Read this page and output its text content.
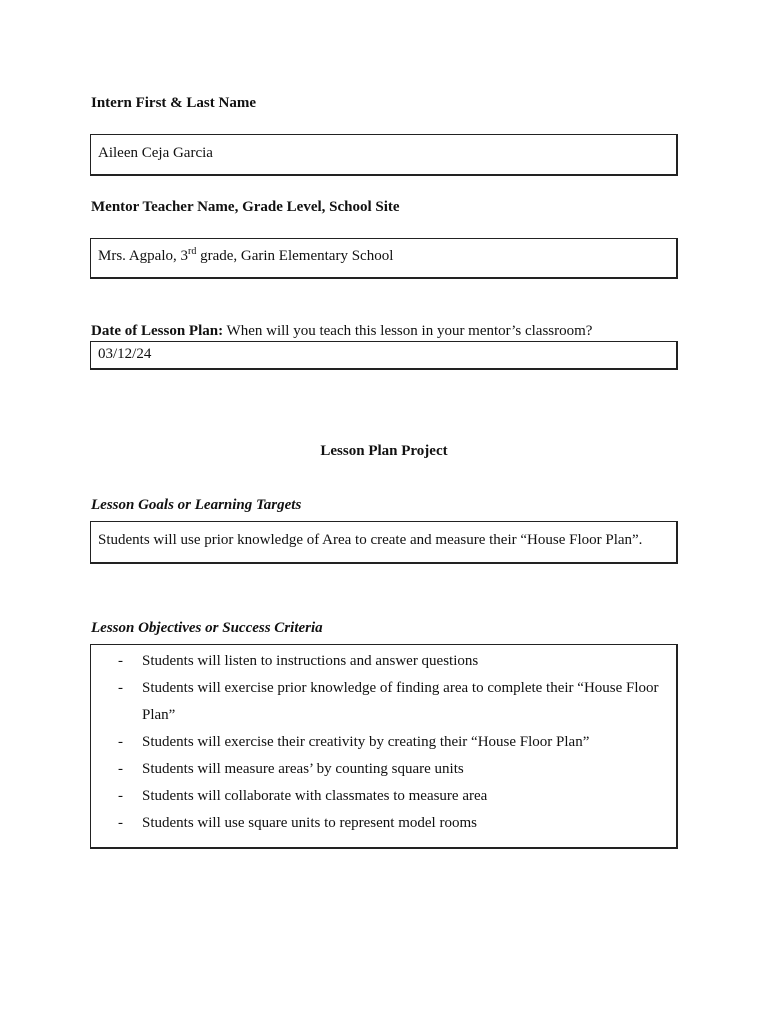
Intern First & Last Name
Aileen Ceja Garcia
Mentor Teacher Name, Grade Level, School Site
Mrs. Agpalo, 3rd grade, Garin Elementary School
Date of Lesson Plan: When will you teach this lesson in your mentor’s classroom?
03/12/24
Lesson Plan Project
Lesson Goals or Learning Targets
Students will use prior knowledge of Area to create and measure their “House Floor Plan”.
Lesson Objectives or Success Criteria
- Students will listen to instructions and answer questions
- Students will exercise prior knowledge of finding area to complete their “House Floor Plan”
- Students will exercise their creativity by creating their “House Floor Plan”
- Students will measure areas’ by counting square units
- Students will collaborate with classmates to measure area
- Students will use square units to represent model rooms
